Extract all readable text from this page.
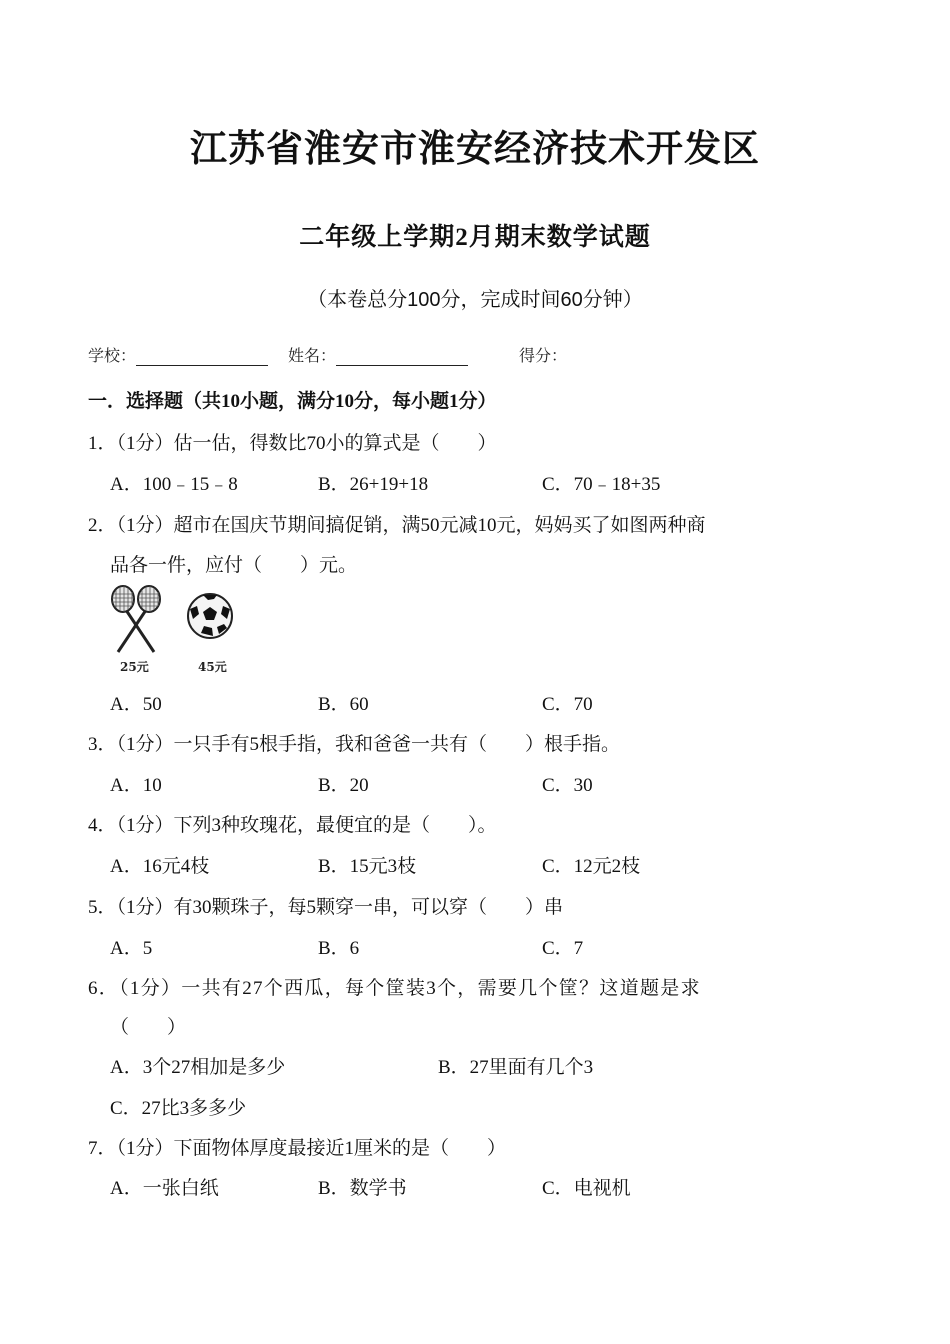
江苏省淮安市淮安经济技术开发区
二年级上学期2月期末数学试题
（本卷总分100分，完成时间60分钟）
学校：	姓名：	得分：
一．选择题（共10小题，满分10分，每小题1分）
1．（1分）估一估，得数比70小的算式是（　　）
A．100﹣15﹣8	B．26+19+18	C．70﹣18+35
2．（1分）超市在国庆节期间搞促销，满50元减10元，妈妈买了如图两种商
品各一件，应付（　　）元。
25元	45元
A．50	B．60	C．70
3．（1分）一只手有5根手指，我和爸爸一共有（　　）根手指。
A．10	B．20	C．30
4．（1分）下列3种玫瑰花，最便宜的是（　　）。
A．16元4枝	B．15元3枝	C．12元2枝
5．（1分）有30颗珠子，每5颗穿一串，可以穿（　　）串
A．5	B．6	C．7
6．（1分）一共有27个西瓜，每个筐装3个，需要几个筐？这道题是求
（　　）
A．3个27相加是多少	B．27里面有几个3
C．27比3多多少
7．（1分）下面物体厚度最接近1厘米的是（　　）
A．一张白纸	B．数学书	C．电视机
